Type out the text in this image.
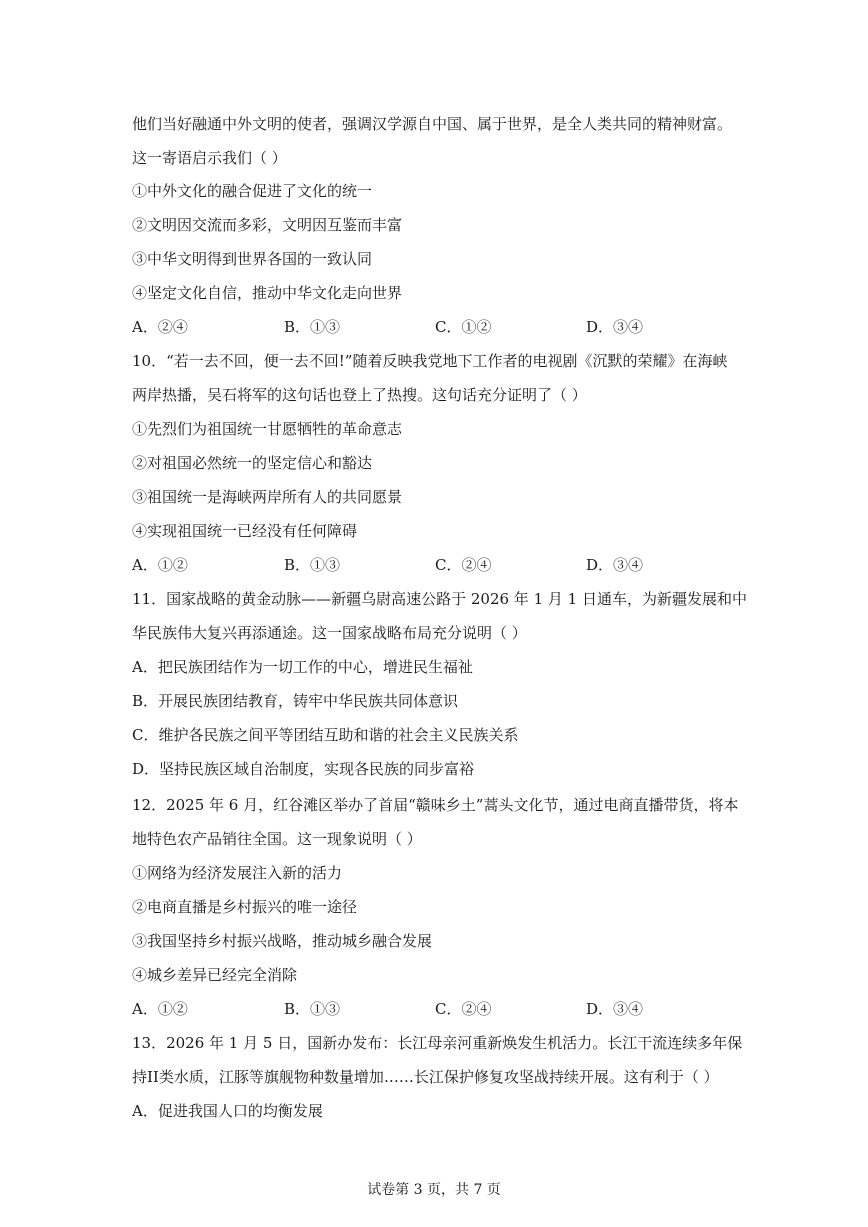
他们当好融通中外文明的使者，强调汉学源自中国、属于世界，是全人类共同的精神财富。
这一寄语启示我们（ ）
①中外文化的融合促进了文化的统一
②文明因交流而多彩，文明因互鉴而丰富
③中华文明得到世界各国的一致认同
④坚定文化自信，推动中华文化走向世界
A．②④	B．①③	C．①②	D．③④
10．“若一去不回，便一去不回!”随着反映我党地下工作者的电视剧《沉默的荣耀》在海峡
两岸热播，吴石将军的这句话也登上了热搜。这句话充分证明了（ ）
①先烈们为祖国统一甘愿牺牲的革命意志
②对祖国必然统一的坚定信心和豁达
③祖国统一是海峡两岸所有人的共同愿景
④实现祖国统一已经没有任何障碍
A．①②	B．①③	C．②④	D．③④
11．国家战略的黄金动脉——新疆乌尉高速公路于 2026 年 1 月 1 日通车，为新疆发展和中
华民族伟大复兴再添通途。这一国家战略布局充分说明（ ）
A．把民族团结作为一切工作的中心，增进民生福祉
B．开展民族团结教育，铸牢中华民族共同体意识
C．维护各民族之间平等团结互助和谐的社会主义民族关系
D．坚持民族区域自治制度，实现各民族的同步富裕
12．2025 年 6 月，红谷滩区举办了首届“赣味乡土”蒿头文化节，通过电商直播带货，将本
地特色农产品销往全国。这一现象说明（ ）
①网络为经济发展注入新的活力
②电商直播是乡村振兴的唯一途径
③我国坚持乡村振兴战略，推动城乡融合发展
④城乡差异已经完全消除
A．①②	B．①③	C．②④	D．③④
13．2026 年 1 月 5 日，国新办发布：长江母亲河重新焕发生机活力。长江干流连续多年保
持II类水质，江豚等旗舰物种数量增加……长江保护修复攻坚战持续开展。这有利于（ ）
A．促进我国人口的均衡发展
试卷第 3 页，共 7 页
